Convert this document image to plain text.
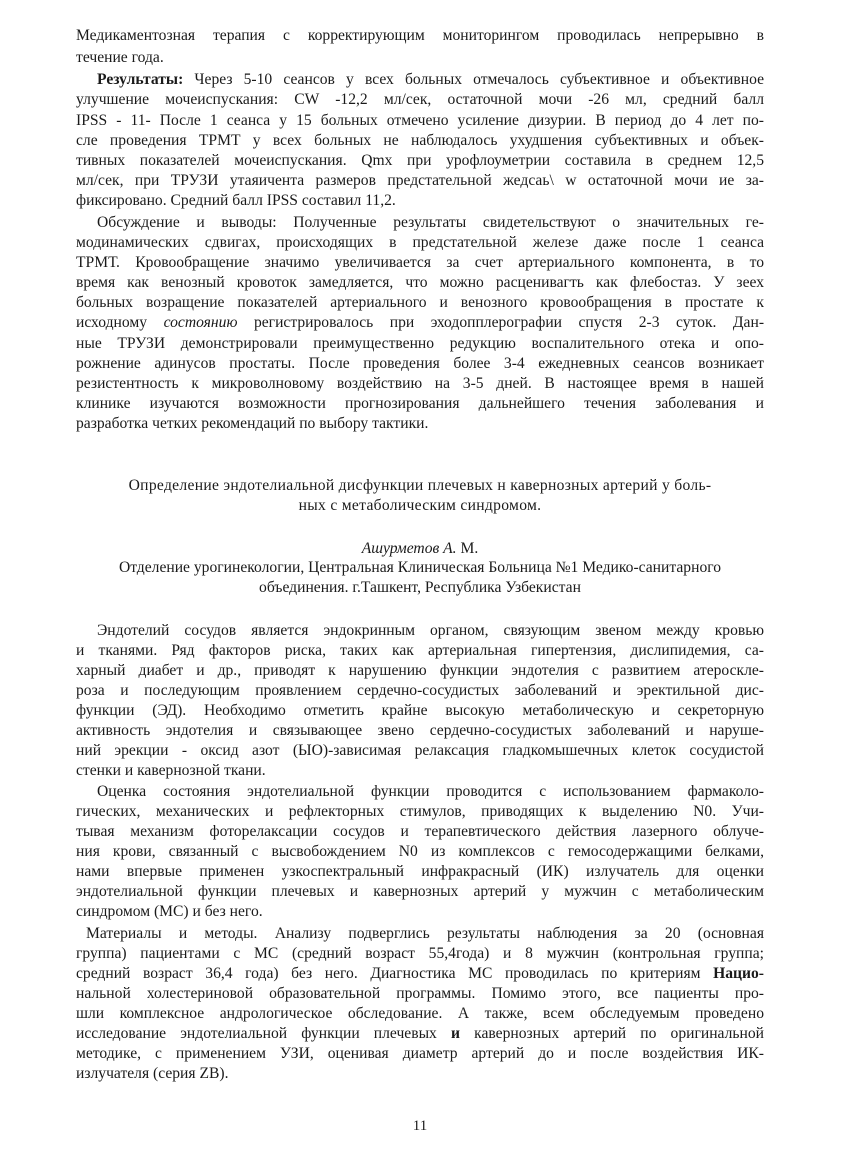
Медикаментозная терапия с корректирующим мониторингом проводилась непрерывно в
течение года.
Результаты: Через 5-10 сеансов у всех больных отмечалось субъективное и объективное
улучшение мочеиспускания: CW -12,2 мл/сек, остаточной мочи -26 мл, средний балл
IPSS - 11- После 1 сеанса у 15 больных отмечено усиление дизурии. В период до 4 лет по-
сле проведения ТРМТ у всех больных не наблюдалось ухудшения субъективных и объек-
тивных показателей мочеиспускания. Qmx при урофлоуметрии составила в среднем 12,5
мл/сек, при ТРУЗИ утаяичента размеров предстательной жедсаь\ w остаточной мочи ие за-
фиксировано. Средний балл IPSS составил 11,2.
Обсуждение и выводы: Полученные результаты свидетельствуют о значительных ге-
модинамических сдвигах, происходящих в предстательной железе даже после 1 сеанса
ТРМТ. Кровообращение значимо увеличивается за счет артериального компонента, в то
время как венозный кровоток замедляется, что можно расценивагть как флебостаз. У зеех
больных возращение показателей артериального и венозного кровообращения в простате к
исходному состоянию регистрировалось при эходопплерографии спустя 2-3 суток. Дан-
ные ТРУЗИ демонстрировали преимущественно редукцию воспалительного отека и опо-
рожнение адинусов простаты. После проведения более 3-4 ежедневных сеансов возникает
резистентность к микроволновому воздействию на 3-5 дней. В настоящее время в нашей
клинике изучаются возможности прогнозирования дальнейшего течения заболевания и
разработка четких рекомендаций по выбору тактики.
Определение эндотелиальной дисфункции плечевых н кавернозных артерий у боль-
ных с метаболическим синдромом.
Ашурметов А. М.
Отделение урогинекологии, Центральная Клиническая Больница №1 Медико-санитарного
объединения. г.Ташкент, Республика Узбекистан
Эндотелий сосудов является эндокринным органом, связующим звеном между кровью
и тканями. Ряд факторов риска, таких как артериальная гипертензия, дислипидемия, са-
харный диабет и др., приводят к нарушению функции эндотелия с развитием атероскле-
роза и последующим проявлением сердечно-сосудистых заболеваний и эректильной дис-
функции (ЭД). Необходимо отметить крайне высокую метаболическую и секреторную
активность эндотелия и связывающее звено сердечно-сосудистых заболеваний и наруше-
ний эрекции - оксид азот (ЫО)-зависимая релаксация гладкомышечных клеток сосудистой
стенки и кавернозной ткани.
Оценка состояния эндотелиальной функции проводится с использованием фармаколо-
гических, механических и рефлекторных стимулов, приводящих к выделению N0. Учи-
тывая механизм фоторелаксации сосудов и терапевтического действия лазерного облуче-
ния крови, связанный с высвобождением N0 из комплексов с гемосодержащими белками,
нами впервые применен узкоспектральный инфракрасный (ИК) излучатель для оценки
эндотелиальной функции плечевых и кавернозных артерий у мужчин с метаболическим
синдромом (МС) и без него.
Материалы и методы. Анализу подверглись результаты наблюдения за 20 (основная
группа) пациентами с МС (средний возраст 55,4года) и 8 мужчин (контрольная группа;
средний возраст 36,4 года) без него. Диагностика МС проводилась по критериям Нацио-
нальной холестериновой образовательной программы. Помимо этого, все пациенты про-
шли комплексное андрологическое обследование. А также, всем обследуемым проведено
исследование эндотелиальной функции плечевых и кавернозных артерий по оригинальной
методике, с применением УЗИ, оценивая диаметр артерий до и после воздействия ИК-
излучателя (серия ZB).
11
